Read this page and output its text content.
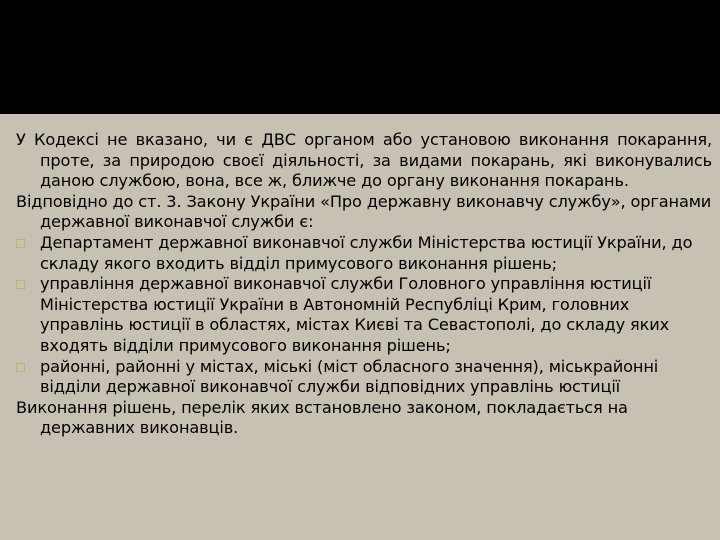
У Кодексі не вказано, чи є ДВС органом або установою виконання покарання, проте, за природою своєї діяльності, за видами покарань, які виконувались даною службою, вона, все ж, ближче до органу виконання покарань.

Відповідно до ст. 3. Закону України «Про державну виконавчу службу», органами державної виконавчої служби є:

Департамент державної виконавчої служби Міністерства юстиції України, до складу якого входить відділ примусового виконання рішень;
управління державної виконавчої служби Головного управління юстиції Міністерства юстиції України в Автономній Республіці Крим, головних управлінь юстиції в областях, містах Києві та Севастополі, до складу яких входять відділи примусового виконання рішень;
районні, районні у містах, міські (міст обласного значення), міськрайонні відділи державної виконавчої служби відповідних управлінь юстиції

Виконання рішень, перелік яких встановлено законом, покладається на державних виконавців.
